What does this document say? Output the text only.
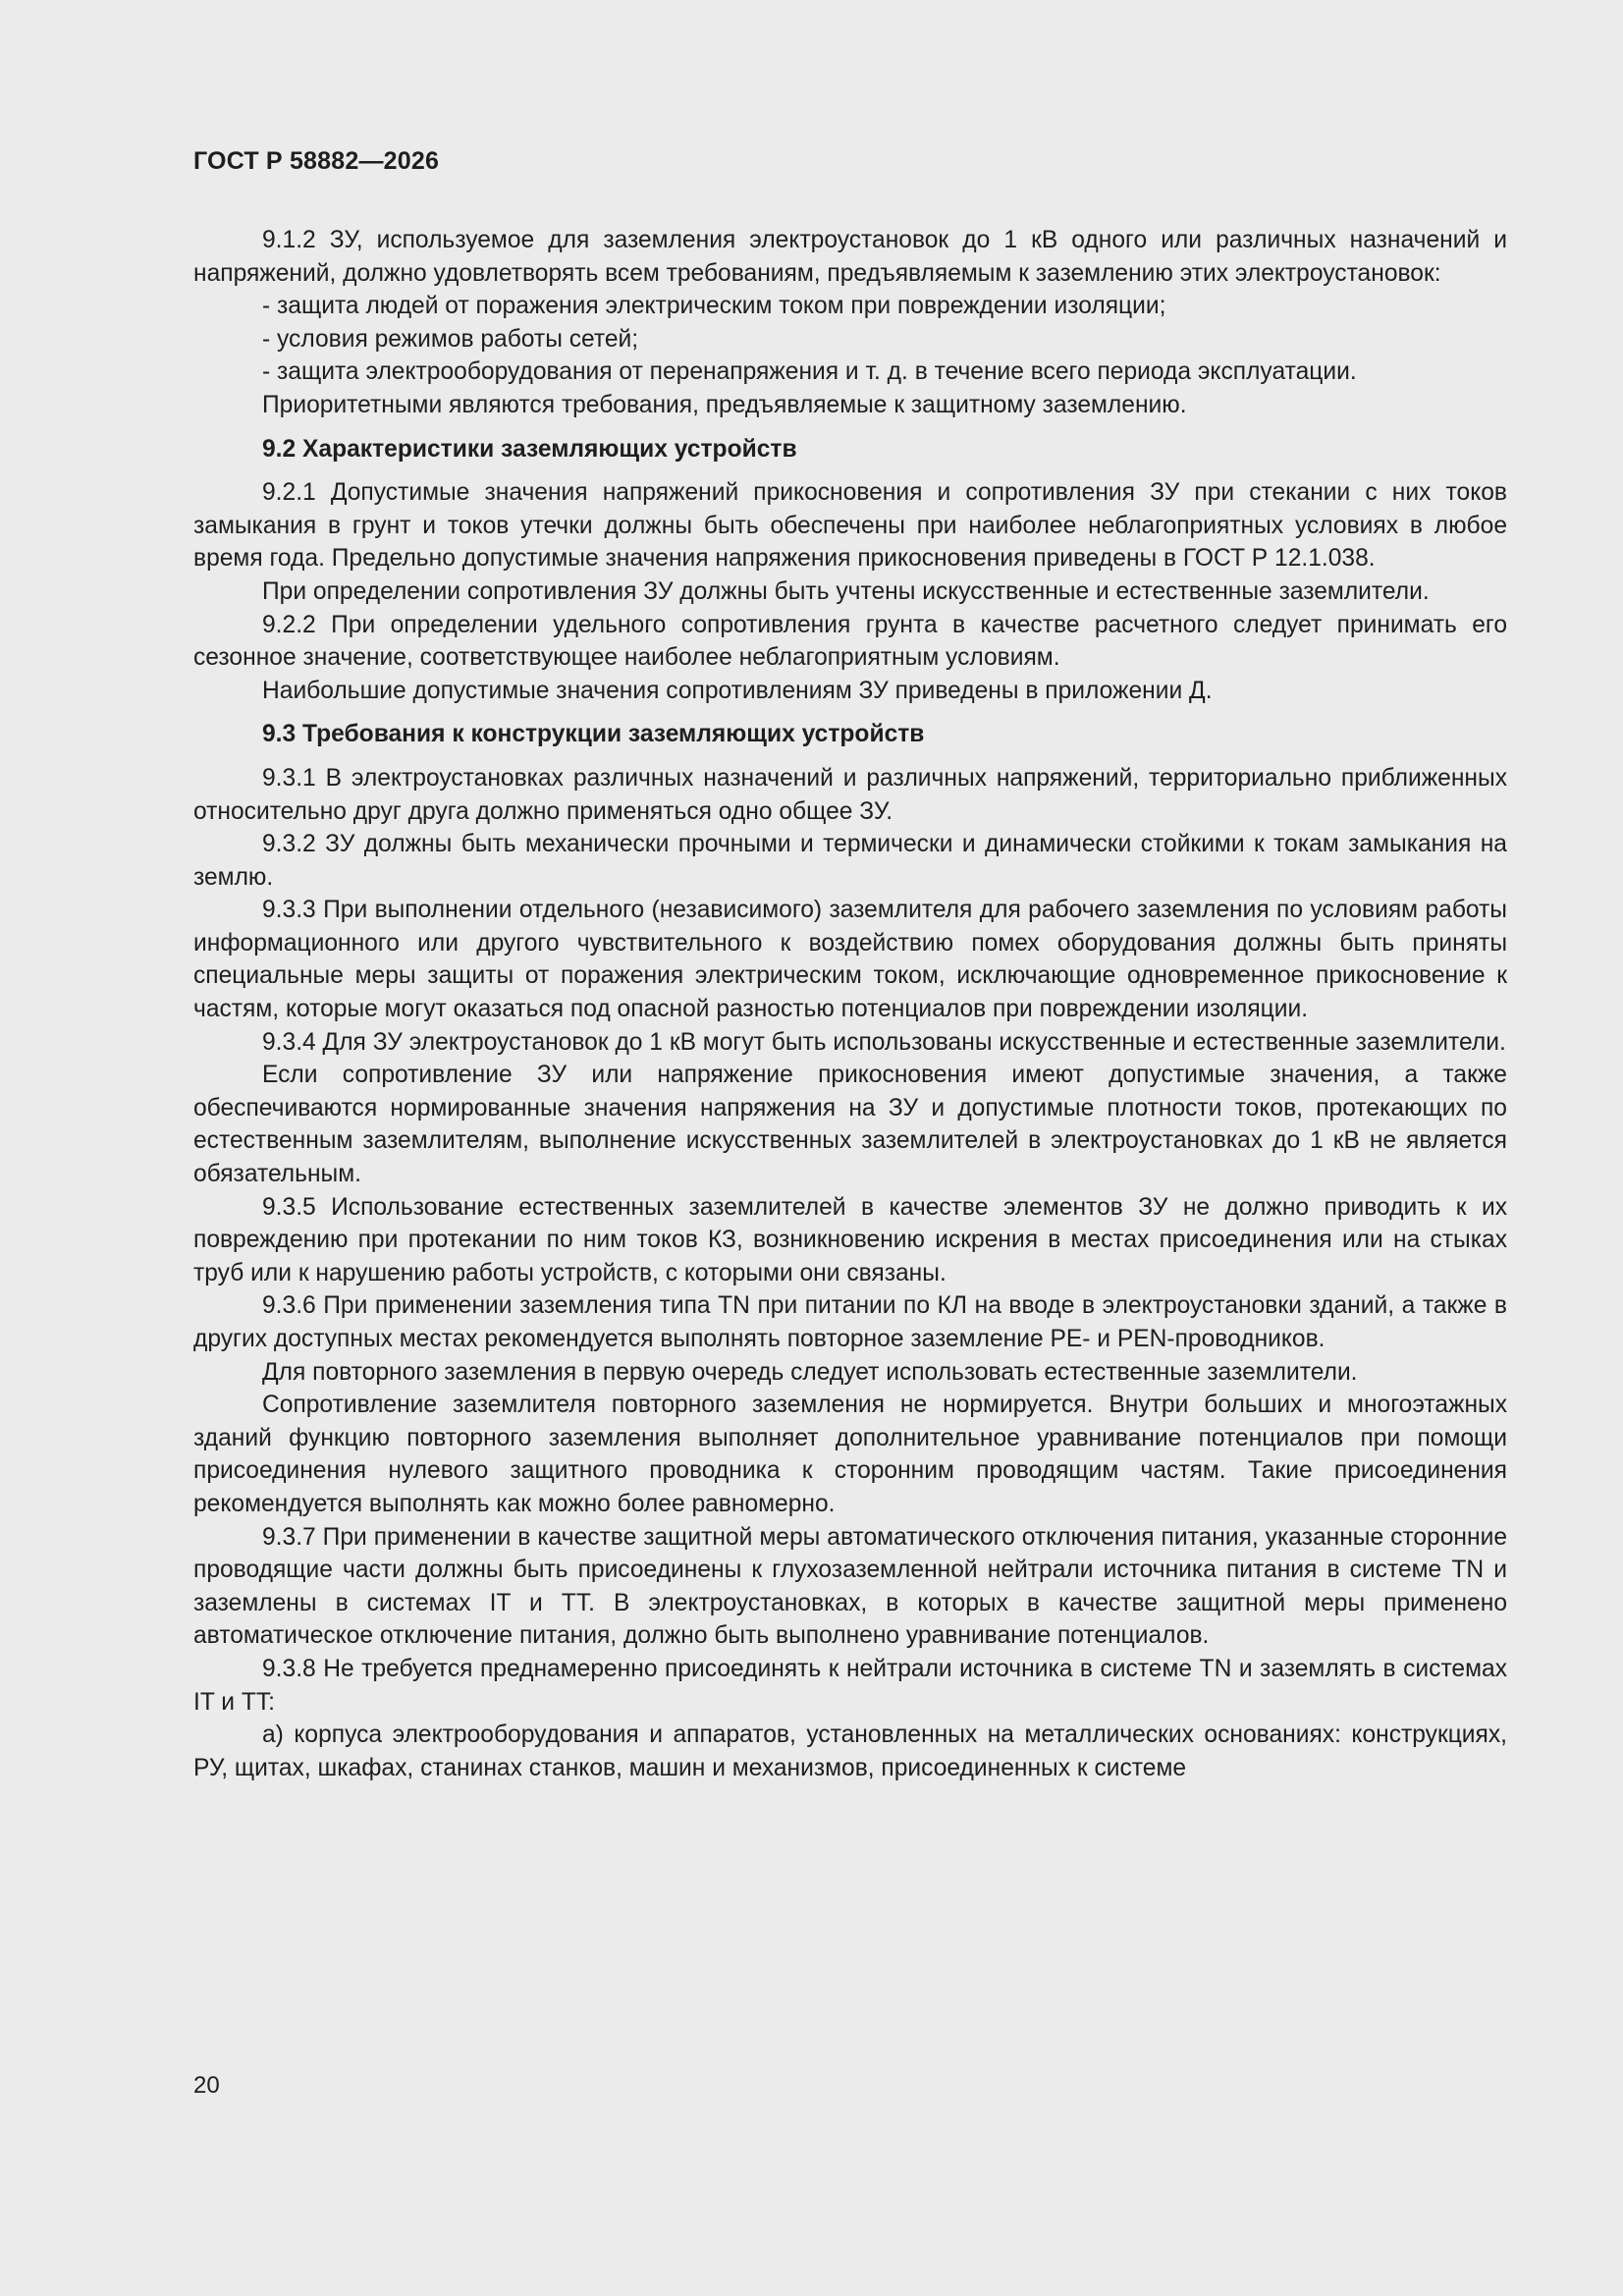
ГОСТ Р 58882—2026

9.1.2 ЗУ, используемое для заземления электроустановок до 1 кВ одного или различных назначений и напряжений, должно удовлетворять всем требованиям, предъявляемым к заземлению этих электроустановок:

- защита людей от поражения электрическим током при повреждении изоляции;

- условия режимов работы сетей;

- защита электрооборудования от перенапряжения и т. д. в течение всего периода эксплуатации.

Приоритетными являются требования, предъявляемые к защитному заземлению.

9.2 Характеристики заземляющих устройств

9.2.1 Допустимые значения напряжений прикосновения и сопротивления ЗУ при стекании с них токов замыкания в грунт и токов утечки должны быть обеспечены при наиболее неблагоприятных условиях в любое время года. Предельно допустимые значения напряжения прикосновения приведены в ГОСТ Р 12.1.038.

При определении сопротивления ЗУ должны быть учтены искусственные и естественные заземлители.

9.2.2 При определении удельного сопротивления грунта в качестве расчетного следует принимать его сезонное значение, соответствующее наиболее неблагоприятным условиям.

Наибольшие допустимые значения сопротивлениям ЗУ приведены в приложении Д.

9.3 Требования к конструкции заземляющих устройств

9.3.1 В электроустановках различных назначений и различных напряжений, территориально приближенных относительно друг друга должно применяться одно общее ЗУ.

9.3.2 ЗУ должны быть механически прочными и термически и динамически стойкими к токам замыкания на землю.

9.3.3 При выполнении отдельного (независимого) заземлителя для рабочего заземления по условиям работы информационного или другого чувствительного к воздействию помех оборудования должны быть приняты специальные меры защиты от поражения электрическим током, исключающие одновременное прикосновение к частям, которые могут оказаться под опасной разностью потенциалов при повреждении изоляции.

9.3.4 Для ЗУ электроустановок до 1 кВ могут быть использованы искусственные и естественные заземлители.

Если сопротивление ЗУ или напряжение прикосновения имеют допустимые значения, а также обеспечиваются нормированные значения напряжения на ЗУ и допустимые плотности токов, протекающих по естественным заземлителям, выполнение искусственных заземлителей в электроустановках до 1 кВ не является обязательным.

9.3.5 Использование естественных заземлителей в качестве элементов ЗУ не должно приводить к их повреждению при протекании по ним токов КЗ, возникновению искрения в местах присоединения или на стыках труб или к нарушению работы устройств, с которыми они связаны.

9.3.6 При применении заземления типа TN при питании по КЛ на вводе в электроустановки зданий, а также в других доступных местах рекомендуется выполнять повторное заземление PE- и PEN-проводников.

Для повторного заземления в первую очередь следует использовать естественные заземлители.

Сопротивление заземлителя повторного заземления не нормируется. Внутри больших и многоэтажных зданий функцию повторного заземления выполняет дополнительное уравнивание потенциалов при помощи присоединения нулевого защитного проводника к сторонним проводящим частям. Такие присоединения рекомендуется выполнять как можно более равномерно.

9.3.7 При применении в качестве защитной меры автоматического отключения питания, указанные сторонние проводящие части должны быть присоединены к глухозаземленной нейтрали источника питания в системе TN и заземлены в системах IT и TT. В электроустановках, в которых в качестве защитной меры применено автоматическое отключение питания, должно быть выполнено уравнивание потенциалов.

9.3.8 Не требуется преднамеренно присоединять к нейтрали источника в системе TN и заземлять в системах IT и TT:

а) корпуса электрооборудования и аппаратов, установленных на металлических основаниях: конструкциях, РУ, щитах, шкафах, станинах станков, машин и механизмов, присоединенных к системе

20
